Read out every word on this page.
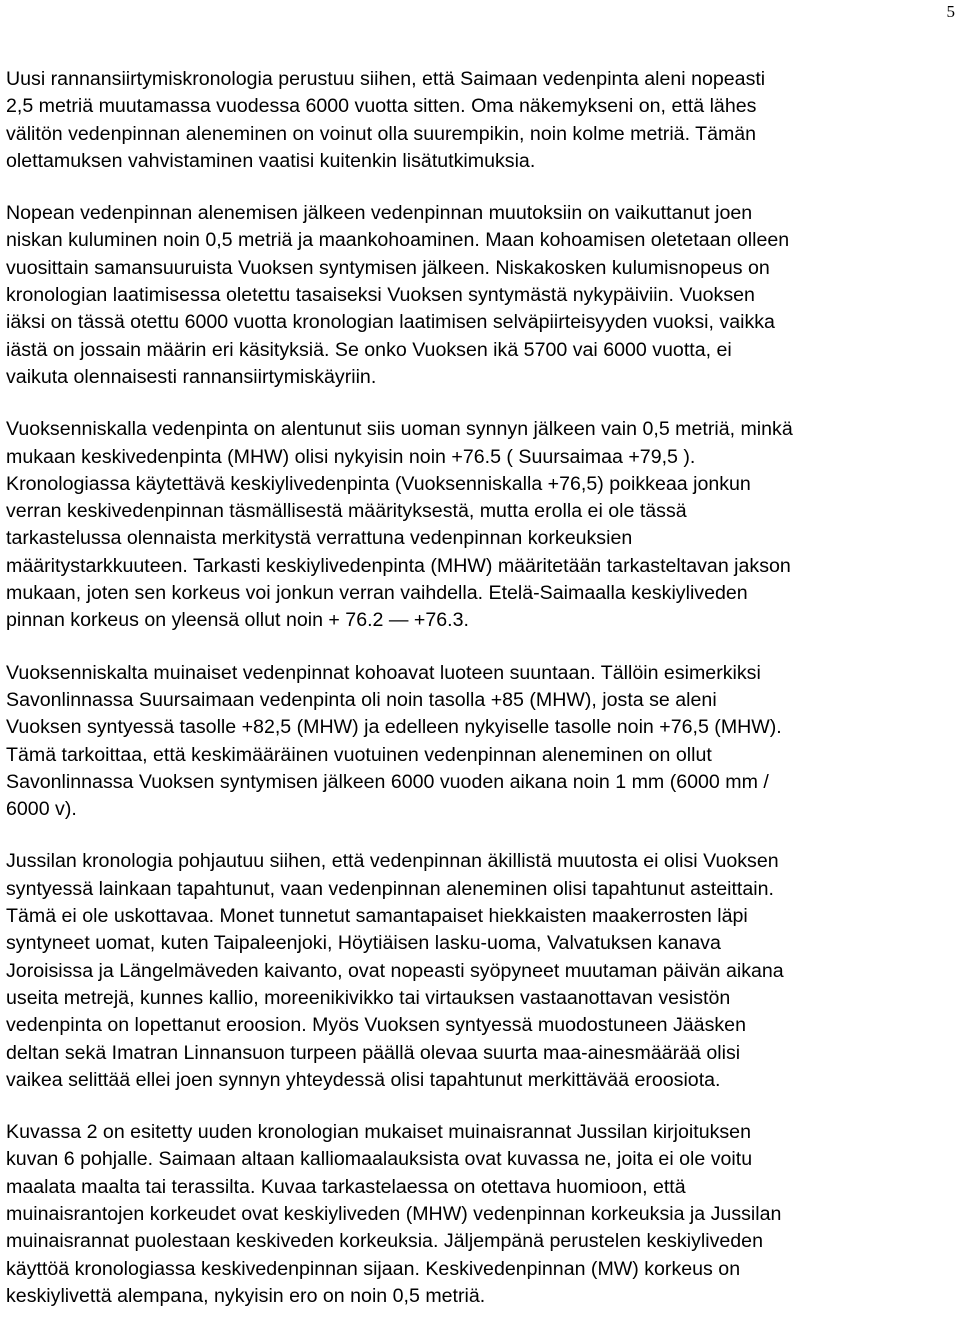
5

Uusi rannansiirtymiskronologia perustuu siihen, että Saimaan vedenpinta aleni nopeasti
2,5 metriä muutamassa vuodessa 6000 vuotta sitten. Oma näkemykseni on, että lähes
välitön vedenpinnan aleneminen on voinut olla suurempikin, noin kolme metriä. Tämän
olettamuksen vahvistaminen vaatisi kuitenkin lisätutkimuksia.

Nopean vedenpinnan alenemisen jälkeen vedenpinnan muutoksiin on vaikuttanut joen
niskan kuluminen noin 0,5 metriä ja maankohoaminen. Maan kohoamisen oletetaan olleen
vuosittain samansuuruista Vuoksen syntymisen jälkeen. Niskakosken kulumisnopeus on
kronologian laatimisessa oletettu tasaiseksi Vuoksen syntymästä nykypäiviin. Vuoksen
iäksi on tässä otettu 6000 vuotta kronologian laatimisen selväpiirteisyyden vuoksi, vaikka
iästä on jossain määrin eri käsityksiä. Se onko Vuoksen ikä 5700 vai 6000 vuotta, ei
vaikuta olennaisesti rannansiirtymiskäyriin.

Vuoksenniskalla vedenpinta on alentunut siis uoman synnyn jälkeen vain 0,5 metriä, minkä
mukaan keskivedenpinta (MHW) olisi nykyisin noin +76.5 ( Suursaimaa +79,5 ).
Kronologiassa käytettävä keskiylivedenpinta (Vuoksenniskalla +76,5) poikkeaa jonkun
verran keskivedenpinnan täsmällisestä määrityksestä, mutta erolla ei ole tässä
tarkastelussa olennaista merkitystä verrattuna vedenpinnan korkeuksien
määritystarkkuuteen. Tarkasti keskiylivedenpinta (MHW) määritetään tarkasteltavan jakson
mukaan, joten sen korkeus voi jonkun verran vaihdella. Etelä-Saimaalla keskiyliveden
pinnan korkeus on yleensä ollut noin + 76.2 — +76.3.

Vuoksenniskalta muinaiset vedenpinnat kohoavat luoteen suuntaan. Tällöin esimerkiksi
Savonlinnassa Suursaimaan vedenpinta oli noin tasolla +85 (MHW), josta se aleni
Vuoksen syntyessä tasolle +82,5 (MHW) ja edelleen nykyiselle tasolle noin +76,5 (MHW).
Tämä tarkoittaa, että keskimääräinen vuotuinen vedenpinnan aleneminen on ollut
Savonlinnassa Vuoksen syntymisen jälkeen 6000 vuoden aikana noin 1 mm (6000 mm /
6000 v).

Jussilan kronologia pohjautuu siihen, että vedenpinnan äkillistä muutosta ei olisi Vuoksen
syntyessä lainkaan tapahtunut, vaan vedenpinnan aleneminen olisi tapahtunut asteittain.
Tämä ei ole uskottavaa. Monet tunnetut samantapaiset hiekkaisten maakerrosten läpi
syntyneet uomat, kuten Taipaleenjoki, Höytiäisen lasku-uoma, Valvatuksen kanava
Joroisissa ja Längelmäveden kaivanto, ovat nopeasti syöpyneet muutaman päivän aikana
useita metrejä, kunnes kallio, moreenikivikko tai virtauksen vastaanottavan vesistön
vedenpinta on lopettanut eroosion. Myös Vuoksen syntyessä muodostuneen Jääsken
deltan sekä Imatran Linnansuon turpeen päällä olevaa suurta maa-ainesmäärää olisi
vaikea selittää ellei joen synnyn yhteydessä olisi tapahtunut merkittävää eroosiota.

Kuvassa 2 on esitetty uuden kronologian mukaiset muinaisrannat Jussilan kirjoituksen
kuvan 6 pohjalle. Saimaan altaan kalliomaalauksista ovat kuvassa ne, joita ei ole voitu
maalata maalta tai terassilta. Kuvaa tarkastelaessa on otettava huomioon, että
muinaisrantojen korkeudet ovat keskiyliveden (MHW) vedenpinnan korkeuksia ja Jussilan
muinaisrannat puolestaan keskiveden korkeuksia. Jäljempänä perustelen keskiyliveden
käyttöä kronologiassa keskivedenpinnan sijaan. Keskivedenpinnan (MW) korkeus on
keskiylivettä alempana, nykyisin ero on noin 0,5 metriä.
